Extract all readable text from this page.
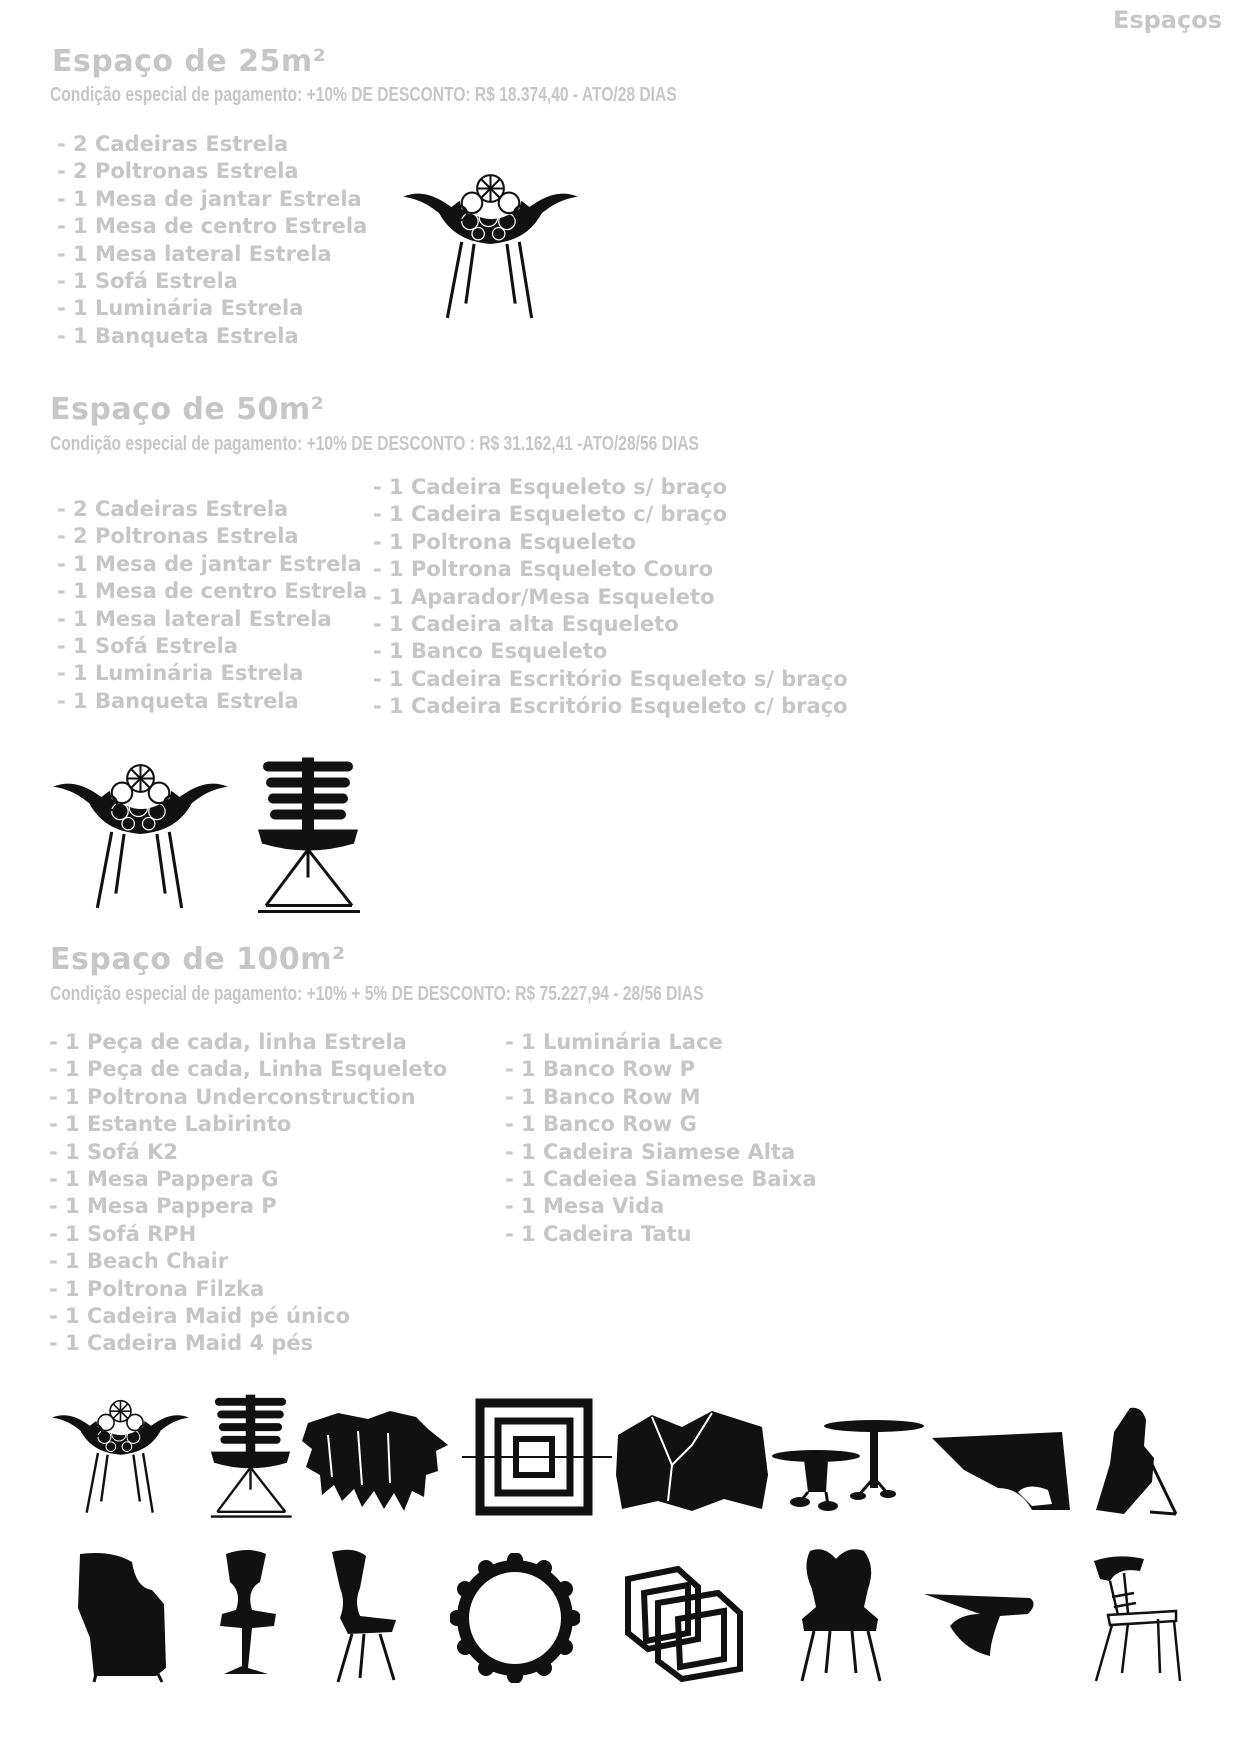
Espaços
Espaço de 25m²
Condição especial de pagamento: +10% DE DESCONTO: R$ 18.374,40 - ATO/28 DIAS
- 2 Cadeiras Estrela
- 2 Poltronas Estrela
- 1 Mesa de jantar Estrela
- 1 Mesa de centro Estrela
- 1 Mesa lateral Estrela
- 1 Sofá Estrela
- 1 Luminária Estrela
- 1 Banqueta Estrela
Espaço de 50m²
Condição especial de pagamento: +10% DE DESCONTO : R$ 31.162,41 -ATO/28/56 DIAS
- 2 Cadeiras Estrela
- 2 Poltronas Estrela
- 1 Mesa de jantar Estrela
- 1 Mesa de centro Estrela
- 1 Mesa lateral Estrela
- 1 Sofá Estrela
- 1 Luminária Estrela
- 1 Banqueta Estrela
- 1 Cadeira Esqueleto s/ braço
- 1 Cadeira Esqueleto c/ braço
- 1 Poltrona Esqueleto
- 1 Poltrona Esqueleto Couro
- 1 Aparador/Mesa Esqueleto
- 1 Cadeira alta Esqueleto
- 1 Banco Esqueleto
- 1 Cadeira Escritório Esqueleto s/ braço
- 1 Cadeira Escritório Esqueleto c/ braço
Espaço de 100m²
Condição especial de pagamento: +10% + 5% DE DESCONTO: R$ 75.227,94 - 28/56 DIAS
- 1 Peça de cada, linha Estrela
- 1 Peça de cada, Linha Esqueleto
- 1 Poltrona Underconstruction
- 1 Estante Labirinto
- 1 Sofá K2
- 1 Mesa Pappera G
- 1 Mesa Pappera P
- 1 Sofá RPH
- 1 Beach Chair
- 1 Poltrona Filzka
- 1 Cadeira Maid pé único
- 1 Cadeira Maid 4 pés
- 1 Luminária Lace
- 1 Banco Row P
- 1 Banco Row M
- 1 Banco Row G
- 1 Cadeira Siamese Alta
- 1 Cadeiea Siamese Baixa
- 1 Mesa Vida
- 1 Cadeira Tatu
